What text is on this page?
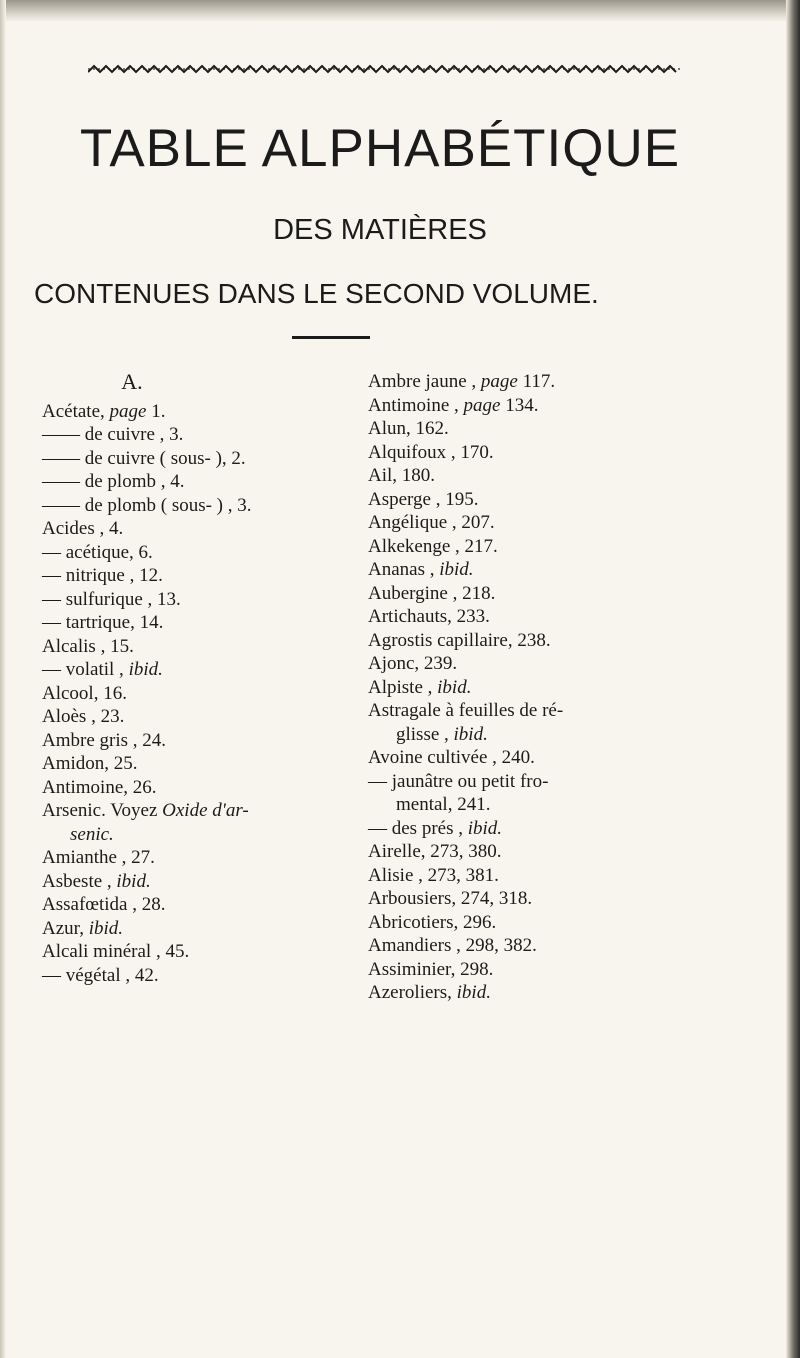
TABLE ALPHABÉTIQUE
DES MATIÈRES
CONTENUES DANS LE SECOND VOLUME.
A.
Acétate, page 1.
—— de cuivre , 3.
—— de cuivre ( sous- ), 2.
—— de plomb , 4.
—— de plomb ( sous- ) , 3.
Acides , 4.
— acétique, 6.
— nitrique , 12.
— sulfurique , 13.
— tartrique, 14.
Alcalis , 15.
— volatil , ibid.
Alcool, 16.
Aloès , 23.
Ambre gris , 24.
Amidon, 25.
Antimoine, 26.
Arsenic. Voyez Oxide d'ar-
senic.
Amianthe , 27.
Asbeste , ibid.
Assafœtida , 28.
Azur, ibid.
Alcali minéral , 45.
— végétal , 42.
Ambre jaune , page 117.
Antimoine , page 134.
Alun, 162.
Alquifoux , 170.
Ail, 180.
Asperge , 195.
Angélique , 207.
Alkekenge , 217.
Ananas , ibid.
Aubergine , 218.
Artichauts, 233.
Agrostis capillaire, 238.
Ajonc, 239.
Alpiste , ibid.
Astragale à feuilles de ré-
glisse , ibid.
Avoine cultivée , 240.
— jaunâtre ou petit fro-
mental, 241.
— des prés , ibid.
Airelle, 273, 380.
Alisie , 273, 381.
Arbousiers, 274, 318.
Abricotiers, 296.
Amandiers , 298, 382.
Assiminier, 298.
Azeroliers, ibid.
